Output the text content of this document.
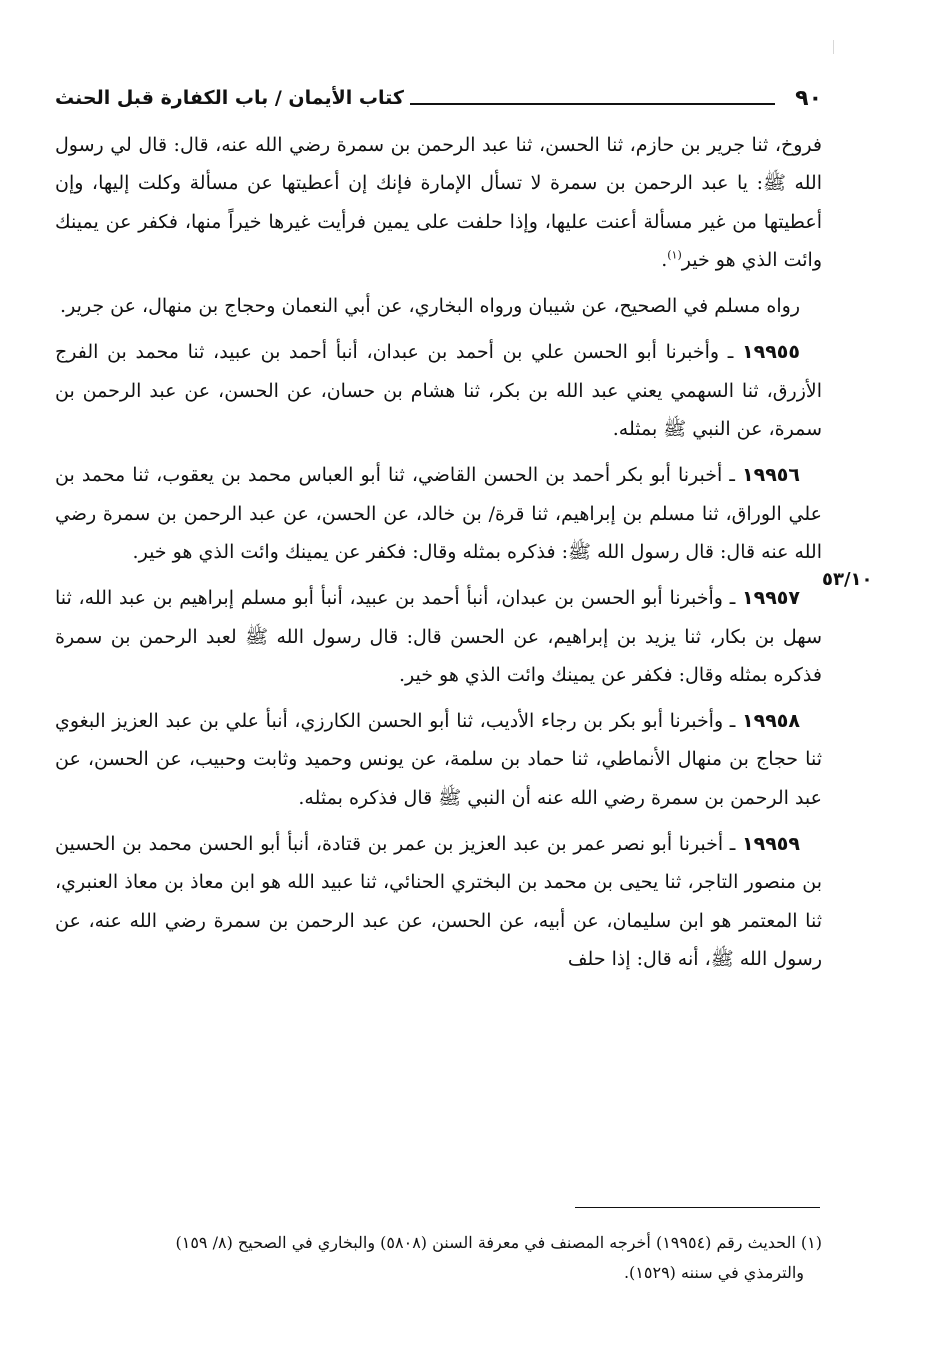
٩٠
كتاب الأيمان / باب الكفارة قبل الحنث
٥٣/١٠

فروخ، ثنا جرير بن حازم، ثنا الحسن، ثنا عبد الرحمن بن سمرة رضي الله عنه، قال: قال لي رسول الله ﷺ: يا عبد الرحمن بن سمرة لا تسأل الإمارة فإنك إن أعطيتها عن مسألة وكلت إليها، وإن أعطيتها من غير مسألة أعنت عليها، وإذا حلفت على يمين فرأيت غيرها خيراً منها، فكفر عن يمينك وائت الذي هو خير$^{(١)}$.

رواه مسلم في الصحيح، عن شيبان ورواه البخاري، عن أبي النعمان وحجاج بن منهال، عن جرير.

١٩٩٥٥ ـ وأخبرنا أبو الحسن علي بن أحمد بن عبدان، أنبأ أحمد بن عبيد، ثنا محمد بن الفرج الأزرق، ثنا السهمي يعني عبد الله بن بكر، ثنا هشام بن حسان، عن الحسن، عن عبد الرحمن بن سمرة، عن النبي ﷺ بمثله.

١٩٩٥٦ ـ أخبرنا أبو بكر أحمد بن الحسن القاضي، ثنا أبو العباس محمد بن يعقوب، ثنا محمد بن علي الوراق، ثنا مسلم بن إبراهيم، ثنا قرة/ بن خالد، عن الحسن، عن عبد الرحمن بن سمرة رضي الله عنه قال: قال رسول الله ﷺ: فذكره بمثله وقال: فكفر عن يمينك وائت الذي هو خير.

١٩٩٥٧ ـ وأخبرنا أبو الحسن بن عبدان، أنبأ أحمد بن عبيد، أنبأ أبو مسلم إبراهيم بن عبد الله، ثنا سهل بن بكار، ثنا يزيد بن إبراهيم، عن الحسن قال: قال رسول الله ﷺ لعبد الرحمن بن سمرة فذكره بمثله وقال: فكفر عن يمينك وائت الذي هو خير.

١٩٩٥٨ ـ وأخبرنا أبو بكر بن رجاء الأديب، ثنا أبو الحسن الكارزي، أنبأ علي بن عبد العزيز البغوي ثنا حجاج بن منهال الأنماطي، ثنا حماد بن سلمة، عن يونس وحميد وثابت وحبيب، عن الحسن، عن عبد الرحمن بن سمرة رضي الله عنه أن النبي ﷺ قال فذكره بمثله.

١٩٩٥٩ ـ أخبرنا أبو نصر عمر بن عبد العزيز بن عمر بن قتادة، أنبأ أبو الحسن محمد بن الحسين بن منصور التاجر، ثنا يحيى بن محمد بن البختري الحنائي، ثنا عبيد الله هو ابن معاذ بن معاذ العنبري، ثنا المعتمر هو ابن سليمان، عن أبيه، عن الحسن، عن عبد الرحمن بن سمرة رضي الله عنه، عن رسول الله ﷺ، أنه قال: إذا حلف

(١) الحديث رقم (١٩٩٥٤) أخرجه المصنف في معرفة السنن (٥٨٠٨) والبخاري في الصحيح (٨/ ١٥٩)
والترمذي في سننه (١٥٢٩).
